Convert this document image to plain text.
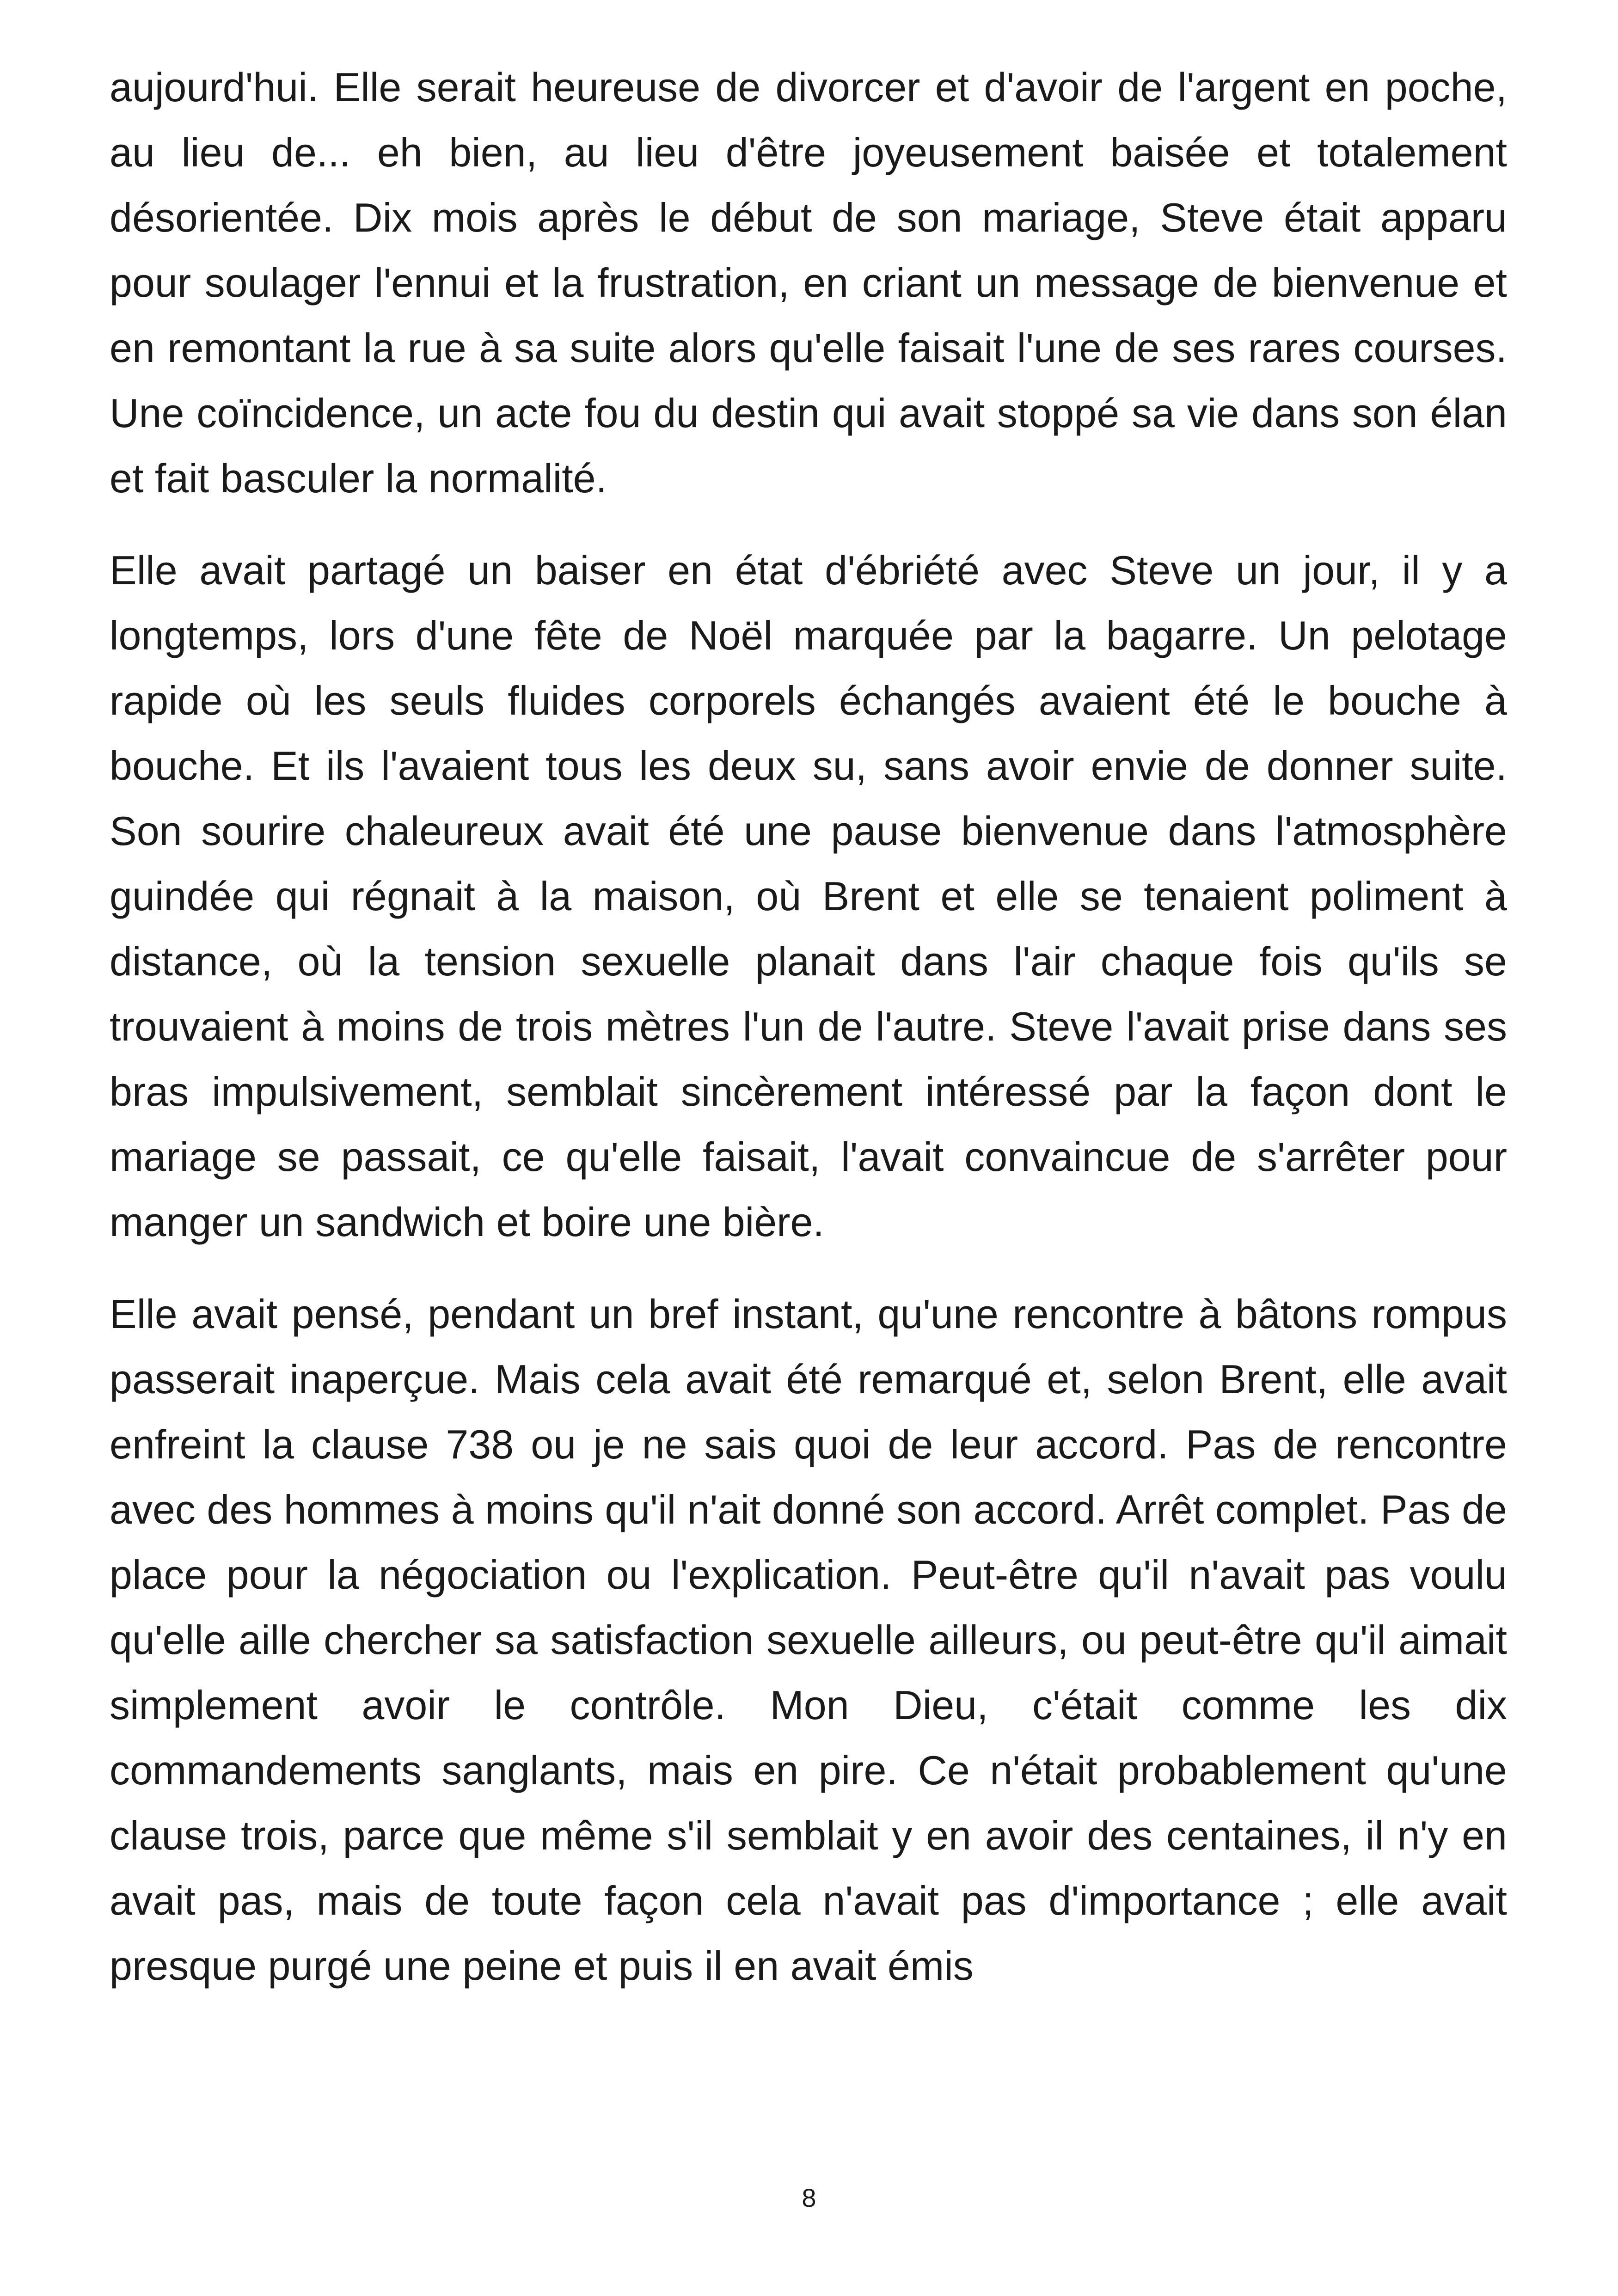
aujourd'hui. Elle serait heureuse de divorcer et d'avoir de l'argent en poche, au lieu de... eh bien, au lieu d'être joyeusement baisée et totalement désorientée. Dix mois après le début de son mariage, Steve était apparu pour soulager l'ennui et la frustration, en criant un message de bienvenue et en remontant la rue à sa suite alors qu'elle faisait l'une de ses rares courses. Une coïncidence, un acte fou du destin qui avait stoppé sa vie dans son élan et fait basculer la normalité.

Elle avait partagé un baiser en état d'ébriété avec Steve un jour, il y a longtemps, lors d'une fête de Noël marquée par la bagarre. Un pelotage rapide où les seuls fluides corporels échangés avaient été le bouche à bouche. Et ils l'avaient tous les deux su, sans avoir envie de donner suite. Son sourire chaleureux avait été une pause bienvenue dans l'atmosphère guindée qui régnait à la maison, où Brent et elle se tenaient poliment à distance, où la tension sexuelle planait dans l'air chaque fois qu'ils se trouvaient à moins de trois mètres l'un de l'autre. Steve l'avait prise dans ses bras impulsivement, semblait sincèrement intéressé par la façon dont le mariage se passait, ce qu'elle faisait, l'avait convaincue de s'arrêter pour manger un sandwich et boire une bière.

Elle avait pensé, pendant un bref instant, qu'une rencontre à bâtons rompus passerait inaperçue. Mais cela avait été remarqué et, selon Brent, elle avait enfreint la clause 738 ou je ne sais quoi de leur accord. Pas de rencontre avec des hommes à moins qu'il n'ait donné son accord. Arrêt complet. Pas de place pour la négociation ou l'explication. Peut-être qu'il n'avait pas voulu qu'elle aille chercher sa satisfaction sexuelle ailleurs, ou peut-être qu'il aimait simplement avoir le contrôle. Mon Dieu, c'était comme les dix commandements sanglants, mais en pire. Ce n'était probablement qu'une clause trois, parce que même s'il semblait y en avoir des centaines, il n'y en avait pas, mais de toute façon cela n'avait pas d'importance ; elle avait presque purgé une peine et puis il en avait émis

8
